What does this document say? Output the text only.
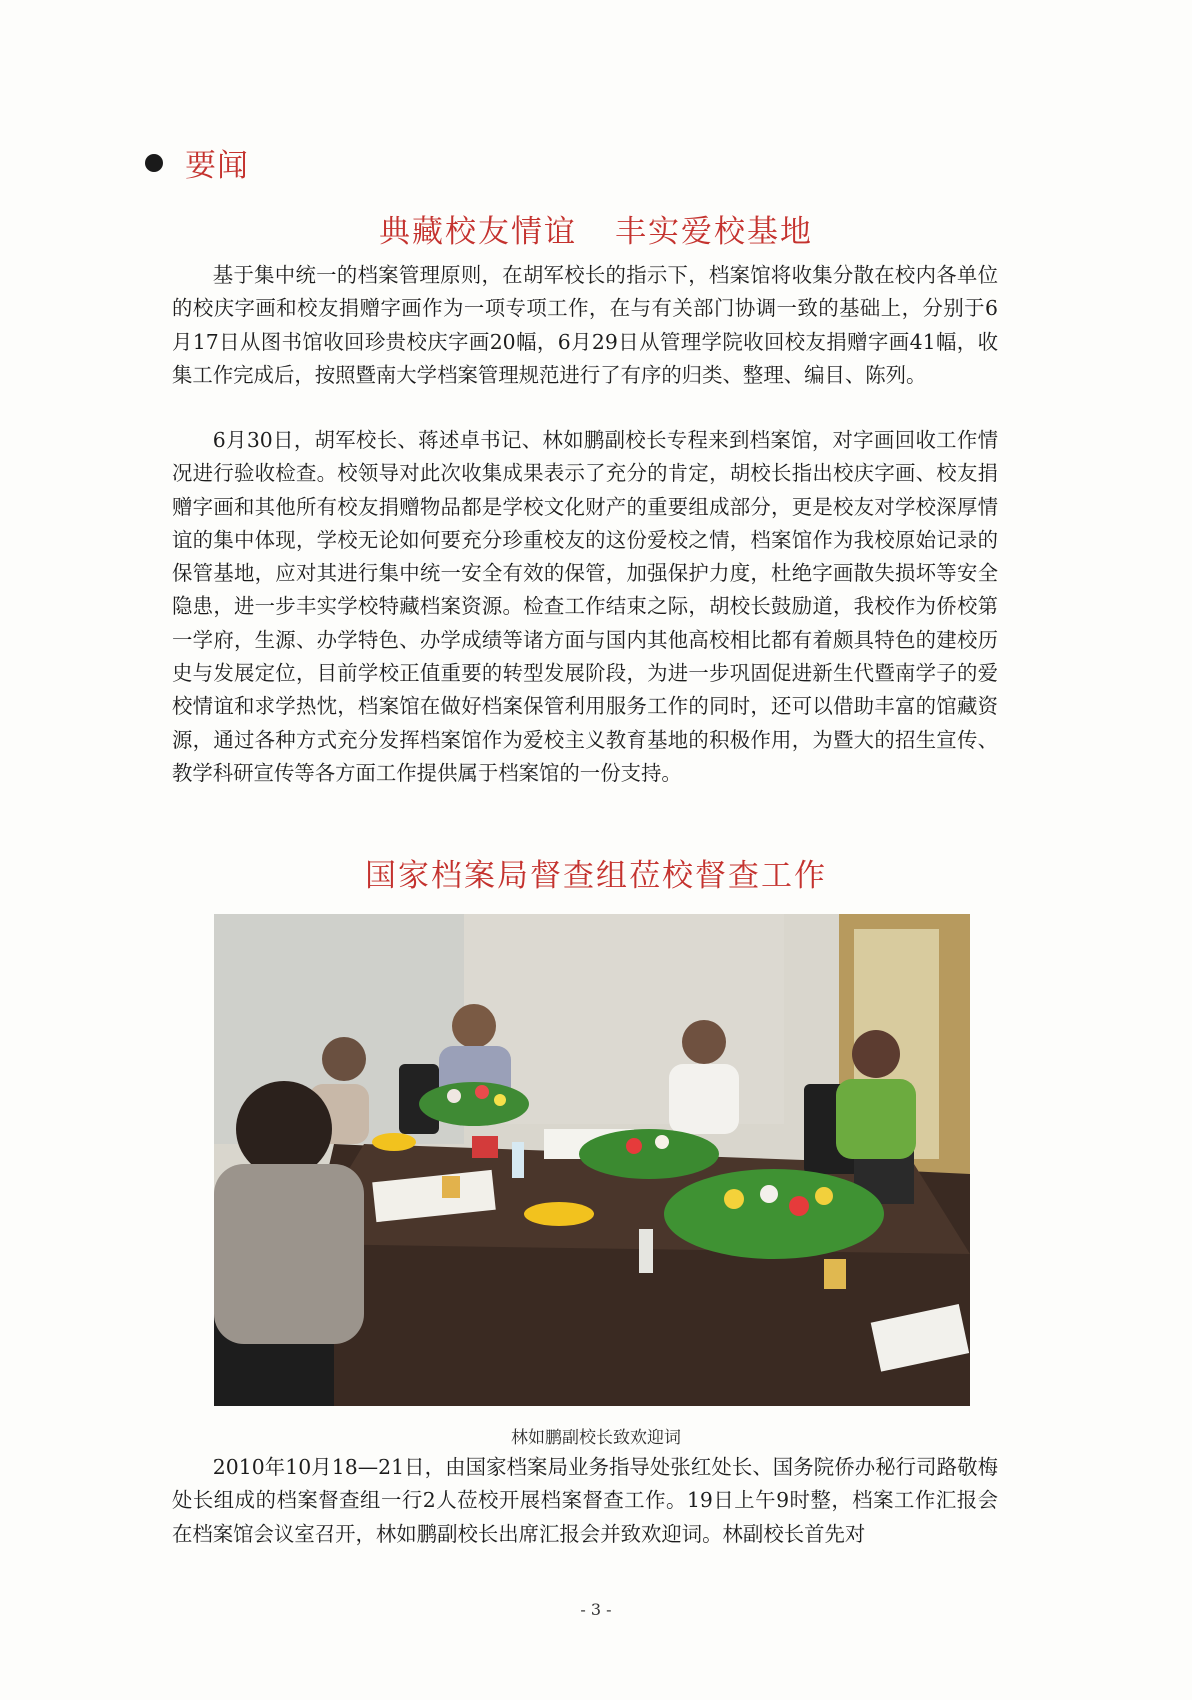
要闻
典藏校友情谊 丰实爱校基地

基于集中统一的档案管理原则，在胡军校长的指示下，档案馆将收集分散在校内各单位的校庆字画和校友捐赠字画作为一项专项工作，在与有关部门协调一致的基础上，分别于6月17日从图书馆收回珍贵校庆字画20幅，6月29日从管理学院收回校友捐赠字画41幅，收集工作完成后，按照暨南大学档案管理规范进行了有序的归类、整理、编目、陈列。

6月30日，胡军校长、蒋述卓书记、林如鹏副校长专程来到档案馆，对字画回收工作情况进行验收检查。校领导对此次收集成果表示了充分的肯定，胡校长指出校庆字画、校友捐赠字画和其他所有校友捐赠物品都是学校文化财产的重要组成部分，更是校友对学校深厚情谊的集中体现，学校无论如何要充分珍重校友的这份爱校之情，档案馆作为我校原始记录的保管基地，应对其进行集中统一安全有效的保管，加强保护力度，杜绝字画散失损坏等安全隐患，进一步丰实学校特藏档案资源。检查工作结束之际，胡校长鼓励道，我校作为侨校第一学府，生源、办学特色、办学成绩等诸方面与国内其他高校相比都有着颇具特色的建校历史与发展定位，目前学校正值重要的转型发展阶段，为进一步巩固促进新生代暨南学子的爱校情谊和求学热忱，档案馆在做好档案保管利用服务工作的同时，还可以借助丰富的馆藏资源，通过各种方式充分发挥档案馆作为爱校主义教育基地的积极作用，为暨大的招生宣传、教学科研宣传等各方面工作提供属于档案馆的一份支持。

国家档案局督查组莅校督查工作
林如鹏副校长致欢迎词

2010年10月18—21日，由国家档案局业务指导处张红处长、国务院侨办秘行司路敬梅处长组成的档案督查组一行2人莅校开展档案督查工作。19日上午9时整，档案工作汇报会在档案馆会议室召开，林如鹏副校长出席汇报会并致欢迎词。林副校长首先对

- 3 -
